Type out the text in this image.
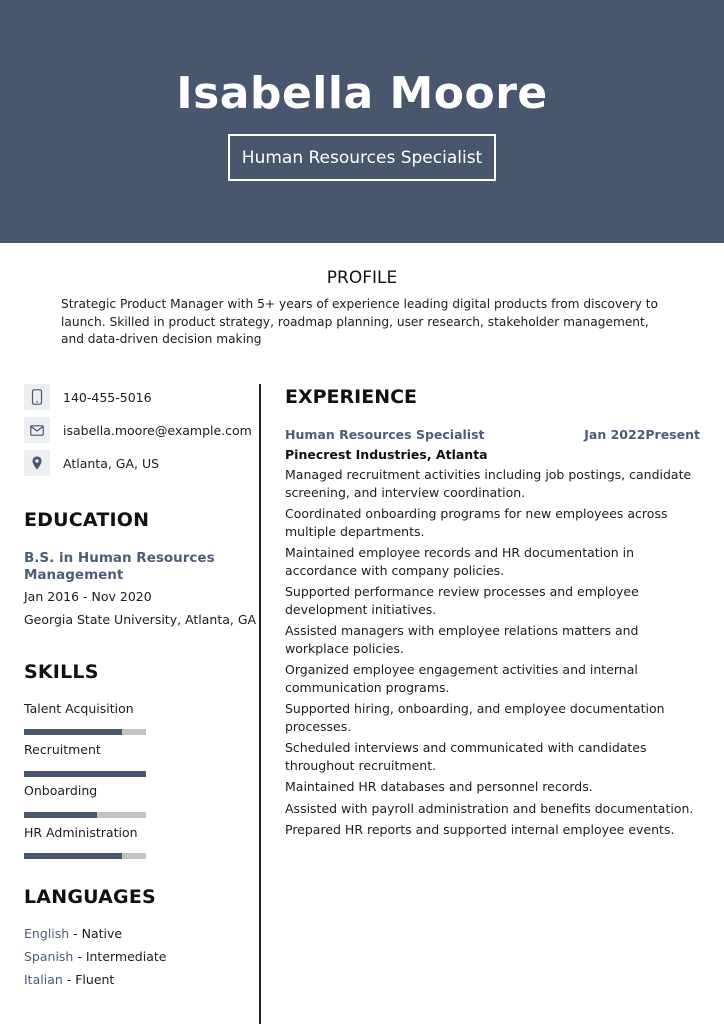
Isabella Moore
Human Resources Specialist
PROFILE
Strategic Product Manager with 5+ years of experience leading digital products from discovery to launch. Skilled in product strategy, roadmap planning, user research, stakeholder management, and data-driven decision making
140-455-5016
isabella.moore@example.com
Atlanta, GA, US
EDUCATION
B.S. in Human Resources Management
Jan 2016 - Nov 2020
Georgia State University, Atlanta, GA
SKILLS
Talent Acquisition
Recruitment
Onboarding
HR Administration
LANGUAGES
English - Native
Spanish - Intermediate
Italian - Fluent
EXPERIENCE
Human Resources Specialist	Jan 2022Present
Pinecrest Industries, Atlanta
Managed recruitment activities including job postings, candidate screening, and interview coordination.
Coordinated onboarding programs for new employees across multiple departments.
Maintained employee records and HR documentation in accordance with company policies.
Supported performance review processes and employee development initiatives.
Assisted managers with employee relations matters and workplace policies.
Organized employee engagement activities and internal communication programs.
Supported hiring, onboarding, and employee documentation processes.
Scheduled interviews and communicated with candidates throughout recruitment.
Maintained HR databases and personnel records.
Assisted with payroll administration and benefits documentation.
Prepared HR reports and supported internal employee events.
